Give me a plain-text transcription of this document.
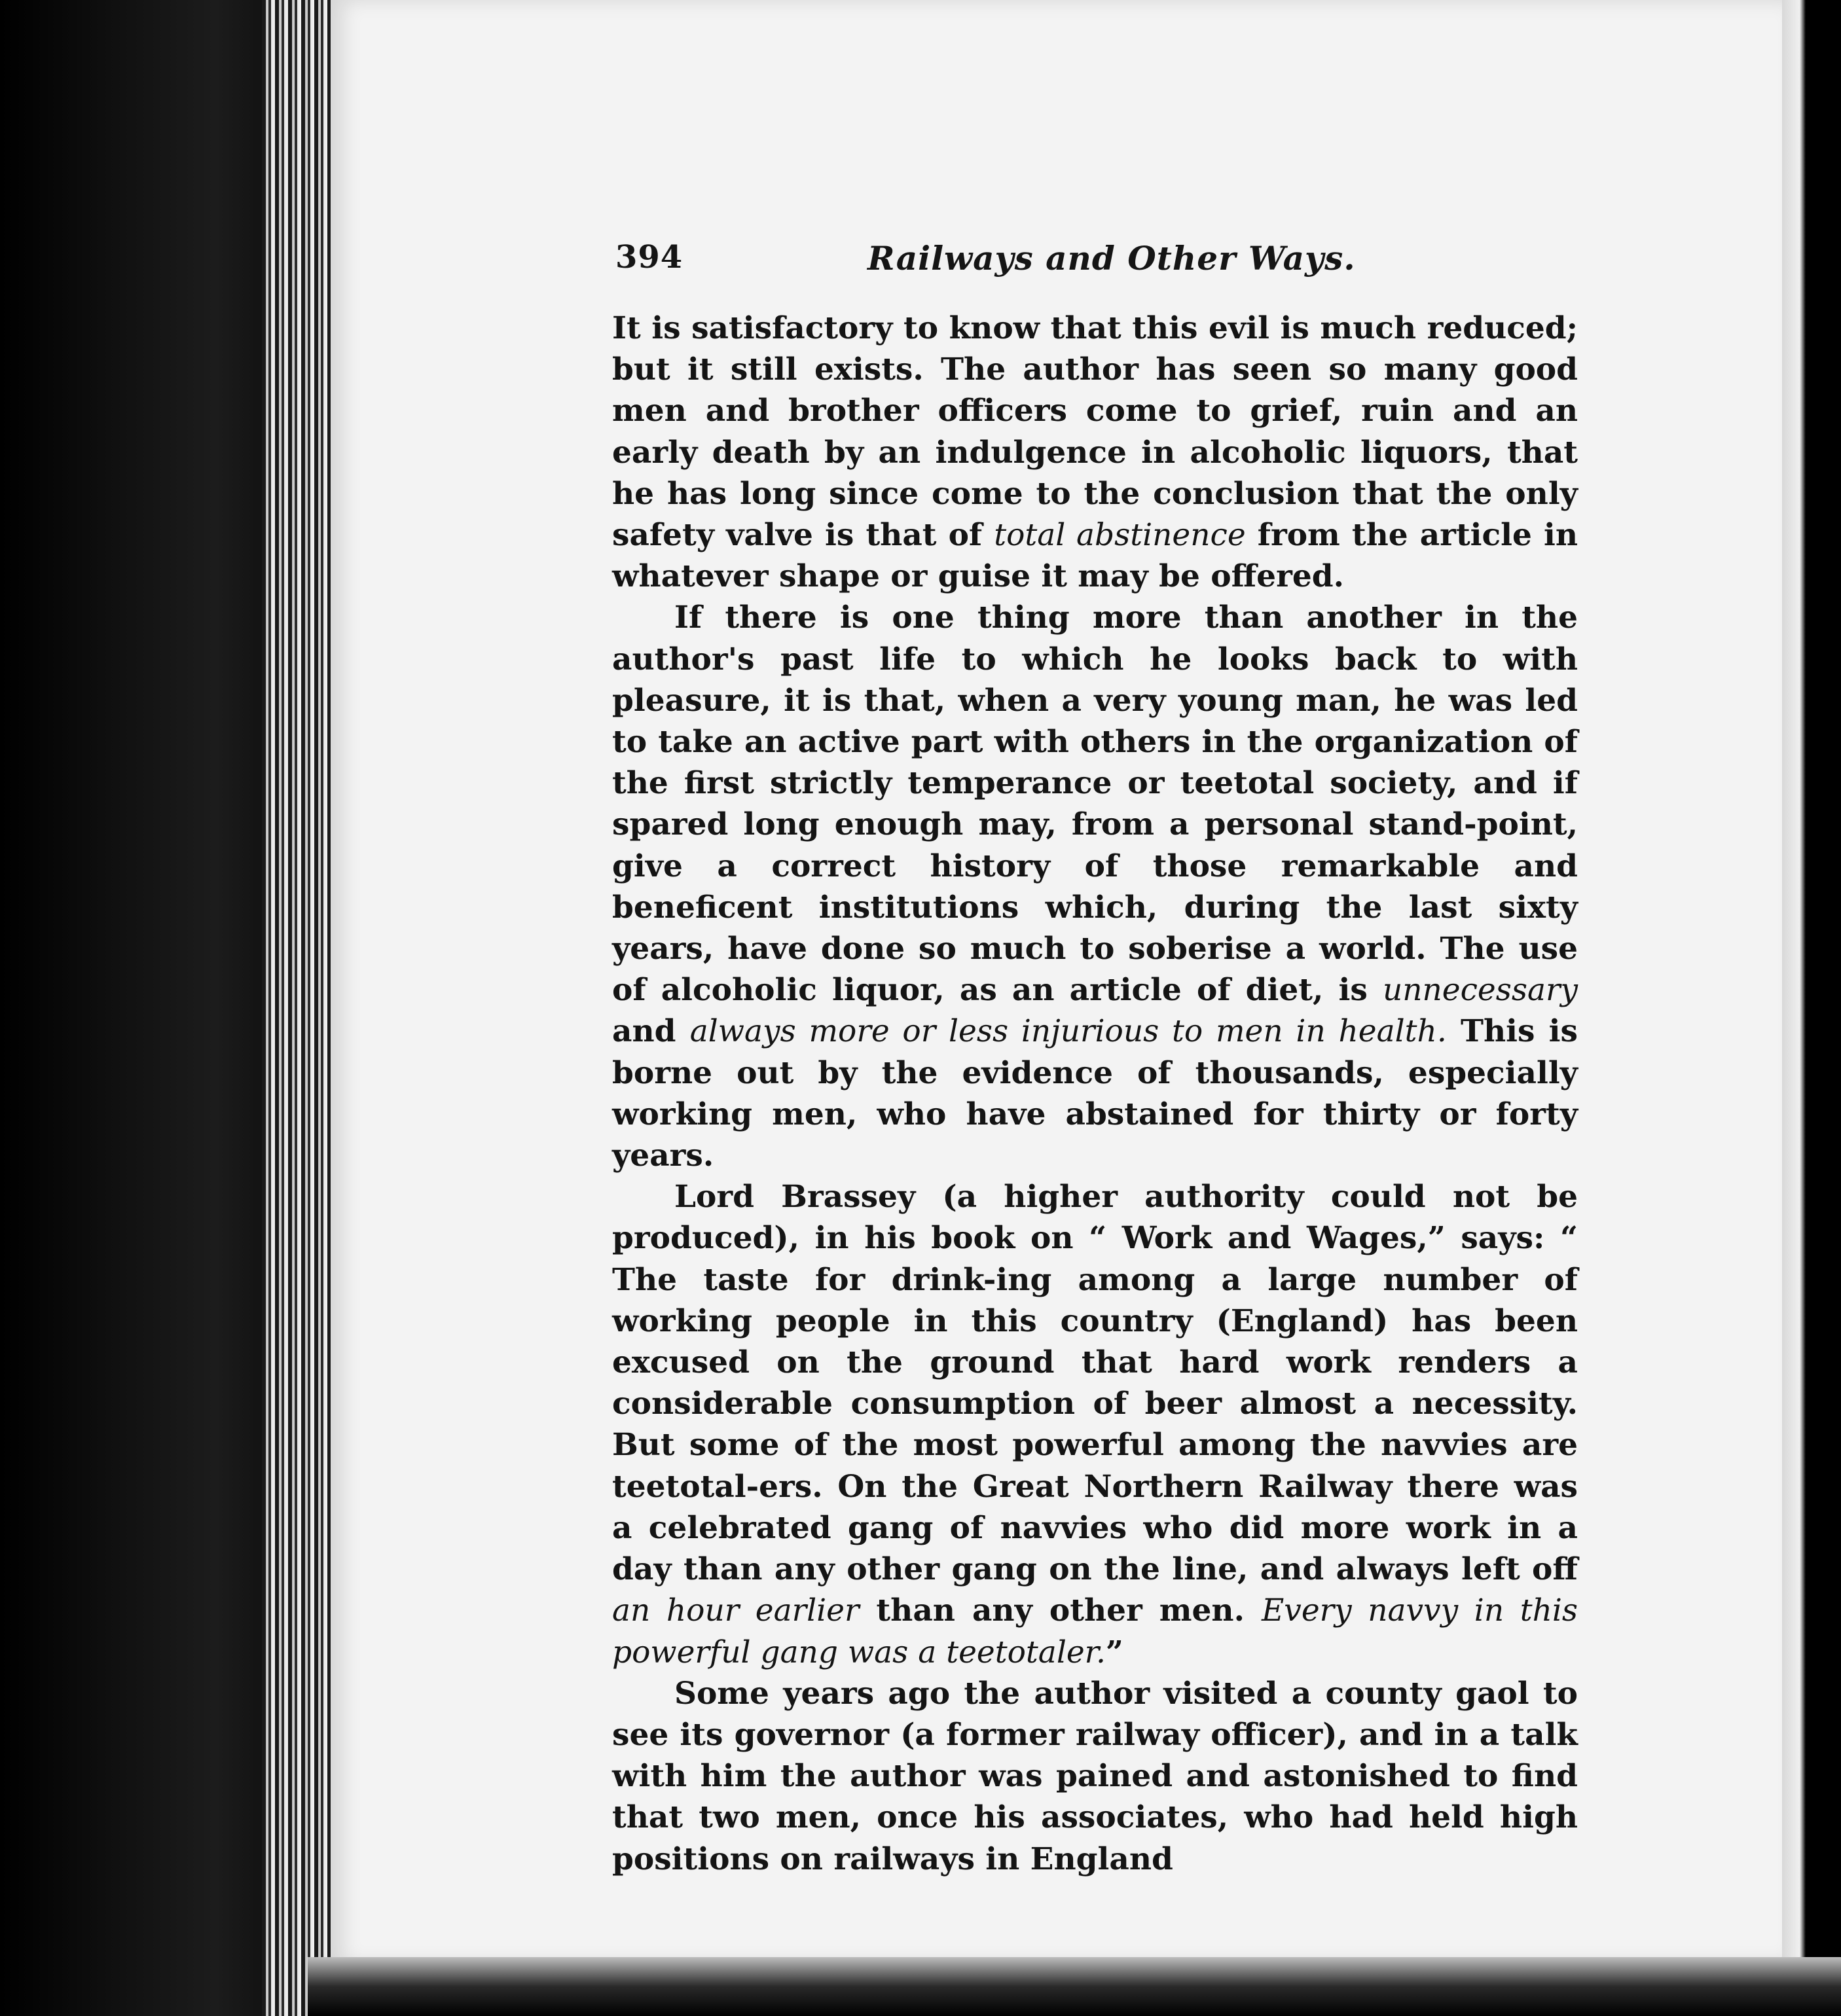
394	Railways and Other Ways.

It is satisfactory to know that this evil is much reduced; but it still exists. The author has seen so many good men and brother officers come to grief, ruin and an early death by an indulgence in alcoholic liquors, that he has long since come to the conclusion that the only safety valve is that of total abstinence from the article in whatever shape or guise it may be offered.

If there is one thing more than another in the author's past life to which he looks back to with pleasure, it is that, when a very young man, he was led to take an active part with others in the organization of the first strictly temperance or teetotal society, and if spared long enough may, from a personal stand-point, give a correct history of those remarkable and beneficent institutions which, during the last sixty years, have done so much to soberise a world. The use of alcoholic liquor, as an article of diet, is unnecessary and always more or less injurious to men in health. This is borne out by the evidence of thousands, especially working men, who have abstained for thirty or forty years.

Lord Brassey (a higher authority could not be produced), in his book on “ Work and Wages,” says: “ The taste for drink-ing among a large number of working people in this country (England) has been excused on the ground that hard work renders a considerable consumption of beer almost a necessity. But some of the most powerful among the navvies are teetotal-ers. On the Great Northern Railway there was a celebrated gang of navvies who did more work in a day than any other gang on the line, and always left off an hour earlier than any other men. Every navvy in this powerful gang was a teetotaler.”

Some years ago the author visited a county gaol to see its governor (a former railway officer), and in a talk with him the author was pained and astonished to find that two men, once his associates, who had held high positions on railways in England
